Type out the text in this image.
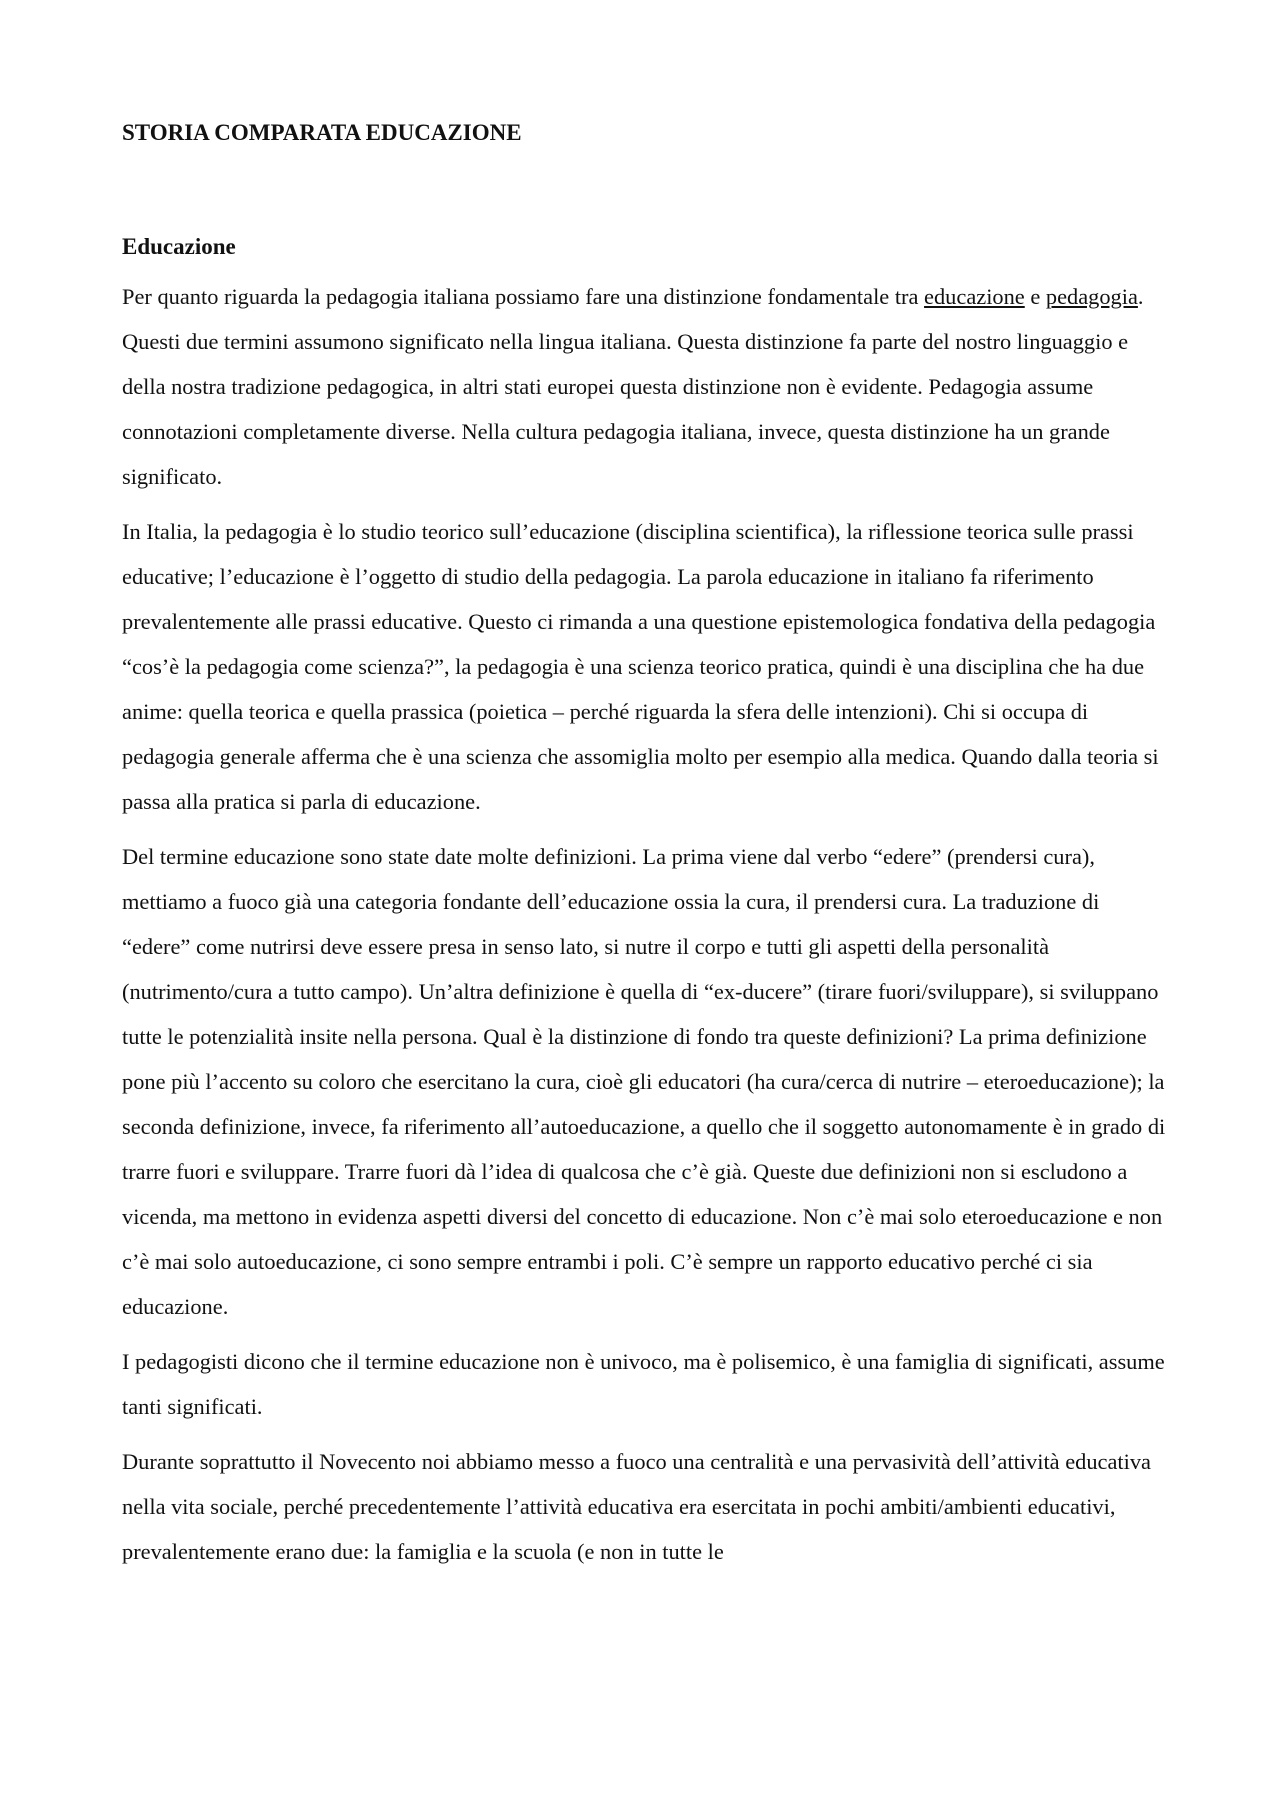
STORIA COMPARATA EDUCAZIONE
Educazione

Per quanto riguarda la pedagogia italiana possiamo fare una distinzione fondamentale tra educazione e pedagogia. Questi due termini assumono significato nella lingua italiana. Questa distinzione fa parte del nostro linguaggio e della nostra tradizione pedagogica, in altri stati europei questa distinzione non è evidente. Pedagogia assume connotazioni completamente diverse. Nella cultura pedagogia italiana, invece, questa distinzione ha un grande significato.

In Italia, la pedagogia è lo studio teorico sull’educazione (disciplina scientifica), la riflessione teorica sulle prassi educative; l’educazione è l’oggetto di studio della pedagogia. La parola educazione in italiano fa riferimento prevalentemente alle prassi educative. Questo ci rimanda a una questione epistemologica fondativa della pedagogia “cos’è la pedagogia come scienza?”, la pedagogia è una scienza teorico pratica, quindi è una disciplina che ha due anime: quella teorica e quella prassica (poietica – perché riguarda la sfera delle intenzioni). Chi si occupa di pedagogia generale afferma che è una scienza che assomiglia molto per esempio alla medica. Quando dalla teoria si passa alla pratica si parla di educazione.

Del termine educazione sono state date molte definizioni. La prima viene dal verbo “edere” (prendersi cura), mettiamo a fuoco già una categoria fondante dell’educazione ossia la cura, il prendersi cura. La traduzione di “edere” come nutrirsi deve essere presa in senso lato, si nutre il corpo e tutti gli aspetti della personalità (nutrimento/cura a tutto campo). Un’altra definizione è quella di “ex-ducere” (tirare fuori/sviluppare), si sviluppano tutte le potenzialità insite nella persona. Qual è la distinzione di fondo tra queste definizioni? La prima definizione pone più l’accento su coloro che esercitano la cura, cioè gli educatori (ha cura/cerca di nutrire – eteroeducazione); la seconda definizione, invece, fa riferimento all’autoeducazione, a quello che il soggetto autonomamente è in grado di trarre fuori e sviluppare. Trarre fuori dà l’idea di qualcosa che c’è già. Queste due definizioni non si escludono a vicenda, ma mettono in evidenza aspetti diversi del concetto di educazione. Non c’è mai solo eteroeducazione e non c’è mai solo autoeducazione, ci sono sempre entrambi i poli. C’è sempre un rapporto educativo perché ci sia educazione.

I pedagogisti dicono che il termine educazione non è univoco, ma è polisemico, è una famiglia di significati, assume tanti significati.

Durante soprattutto il Novecento noi abbiamo messo a fuoco una centralità e una pervasività dell’attività educativa nella vita sociale, perché precedentemente l’attività educativa era esercitata in pochi ambiti/ambienti educativi, prevalentemente erano due: la famiglia e la scuola (e non in tutte le
